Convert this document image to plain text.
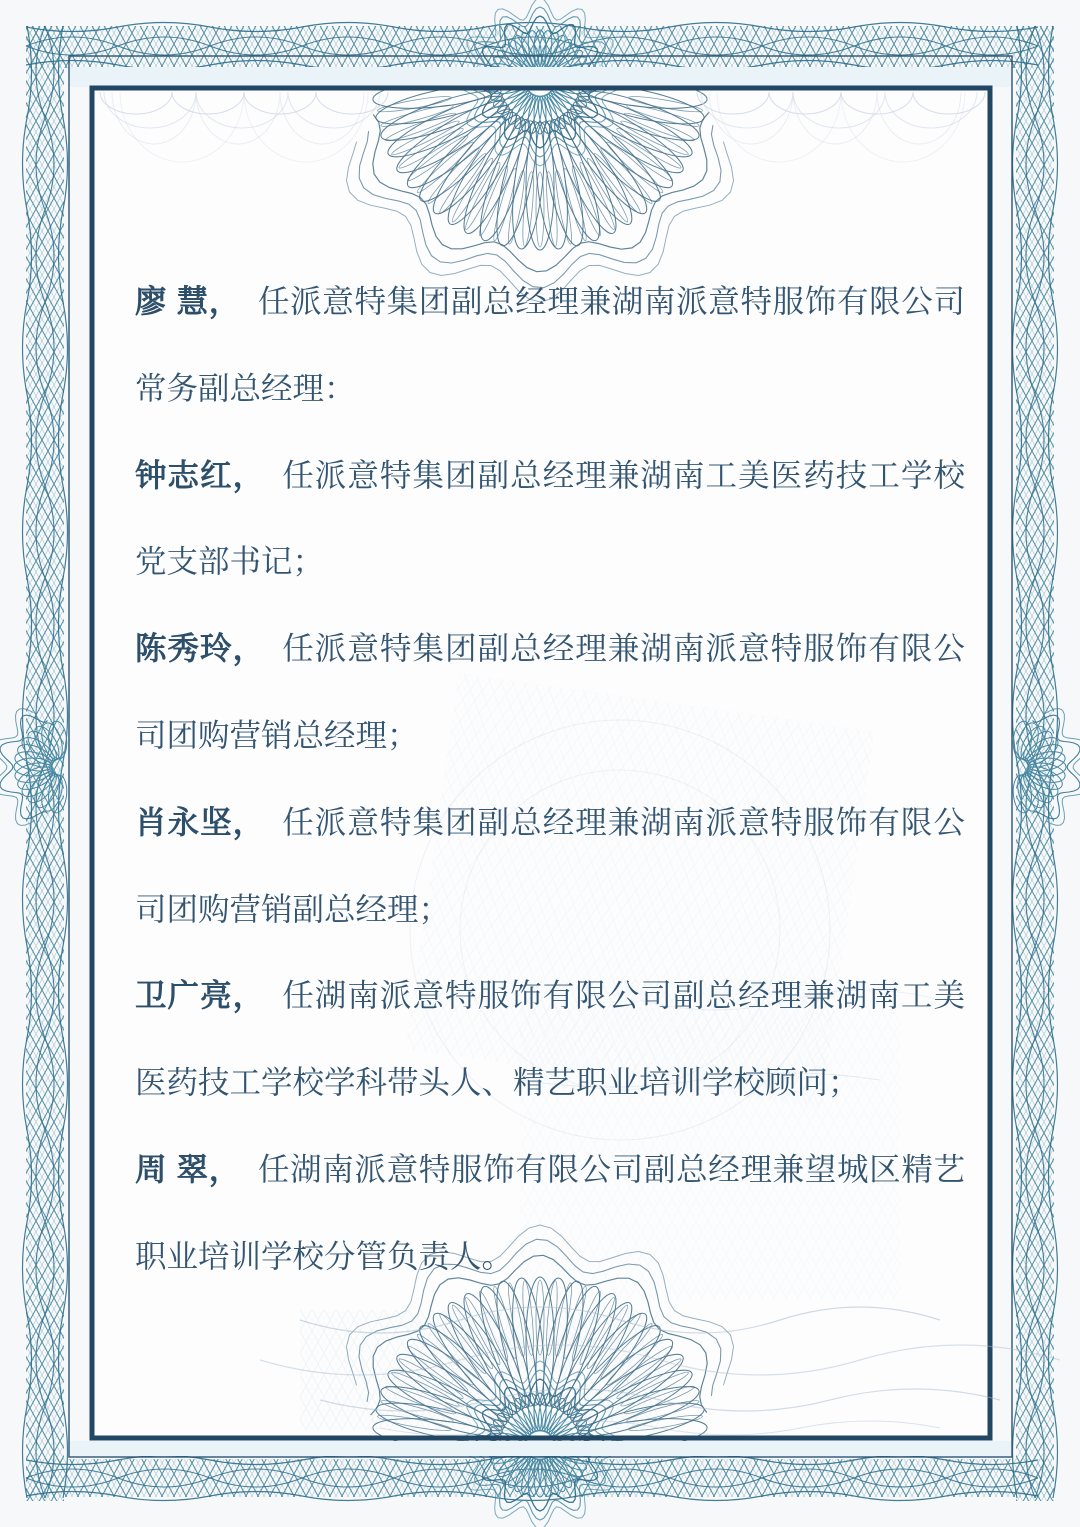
廖 慧， 任派意特集团副总经理兼湖南派意特服饰有限公司常务副总经理：

钟志红， 任派意特集团副总经理兼湖南工美医药技工学校党支部书记；

陈秀玲， 任派意特集团副总经理兼湖南派意特服饰有限公司团购营销总经理；

肖永坚， 任派意特集团副总经理兼湖南派意特服饰有限公司团购营销副总经理；

卫广亮， 任湖南派意特服饰有限公司副总经理兼湖南工美医药技工学校学科带头人、精艺职业培训学校顾问；

周 翠， 任湖南派意特服饰有限公司副总经理兼望城区精艺职业培训学校分管负责人。
